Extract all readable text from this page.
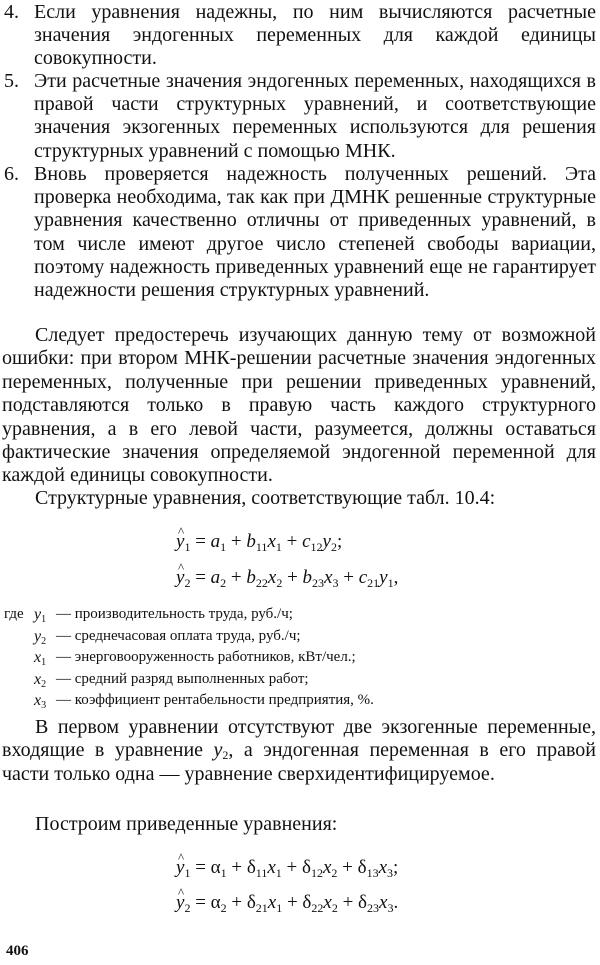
4. Если уравнения надежны, по ним вычисляются расчетные значения эндогенных переменных для каждой единицы совокупности.
5. Эти расчетные значения эндогенных переменных, находящихся в правой части структурных уравнений, и соответствующие значения экзогенных переменных используются для решения структурных уравнений с помощью МНК.
6. Вновь проверяется надежность полученных решений. Эта проверка необходима, так как при ДМНК решенные структурные уравнения качественно отличны от приведенных уравнений, в том числе имеют другое число степеней свободы вариации, поэтому надежность приведенных уравнений еще не гарантирует надежности решения структурных уравнений.
Следует предостеречь изучающих данную тему от возможной ошибки: при втором МНК-решении расчетные значения эндогенных переменных, полученные при решении приведенных уравнений, подставляются только в правую часть каждого структурного уравнения, а в его левой части, разумеется, должны оставаться фактические значения определяемой эндогенной переменной для каждой единицы совокупности.
Структурные уравнения, соответствующие табл. 10.4:
^ $y_1 = a_1 + b_{11}x_1 + c_{12}y_2$;
^ $y_2 = a_2 + b_{22}x_2 + b_{23}x_3 + c_{21}y_1$,
где $y_1$ — производительность труда, руб./ч;
$y_2$ — среднечасовая оплата труда, руб./ч;
$x_1$ — энерговооруженность работников, кВт/чел.;
$x_2$ — средний разряд выполненных работ;
$x_3$ — коэффициент рентабельности предприятия, %.
В первом уравнении отсутствуют две экзогенные переменные, входящие в уравнение $y_2$, а эндогенная переменная в его правой части только одна — уравнение сверхидентифицируемое.
Построим приведенные уравнения:
^ $y_1 = \alpha_1 + \delta_{11}x_1 + \delta_{12}x_2 + \delta_{13}x_3$;
^ $y_2 = \alpha_2 + \delta_{21}x_1 + \delta_{22}x_2 + \delta_{23}x_3$.
406
